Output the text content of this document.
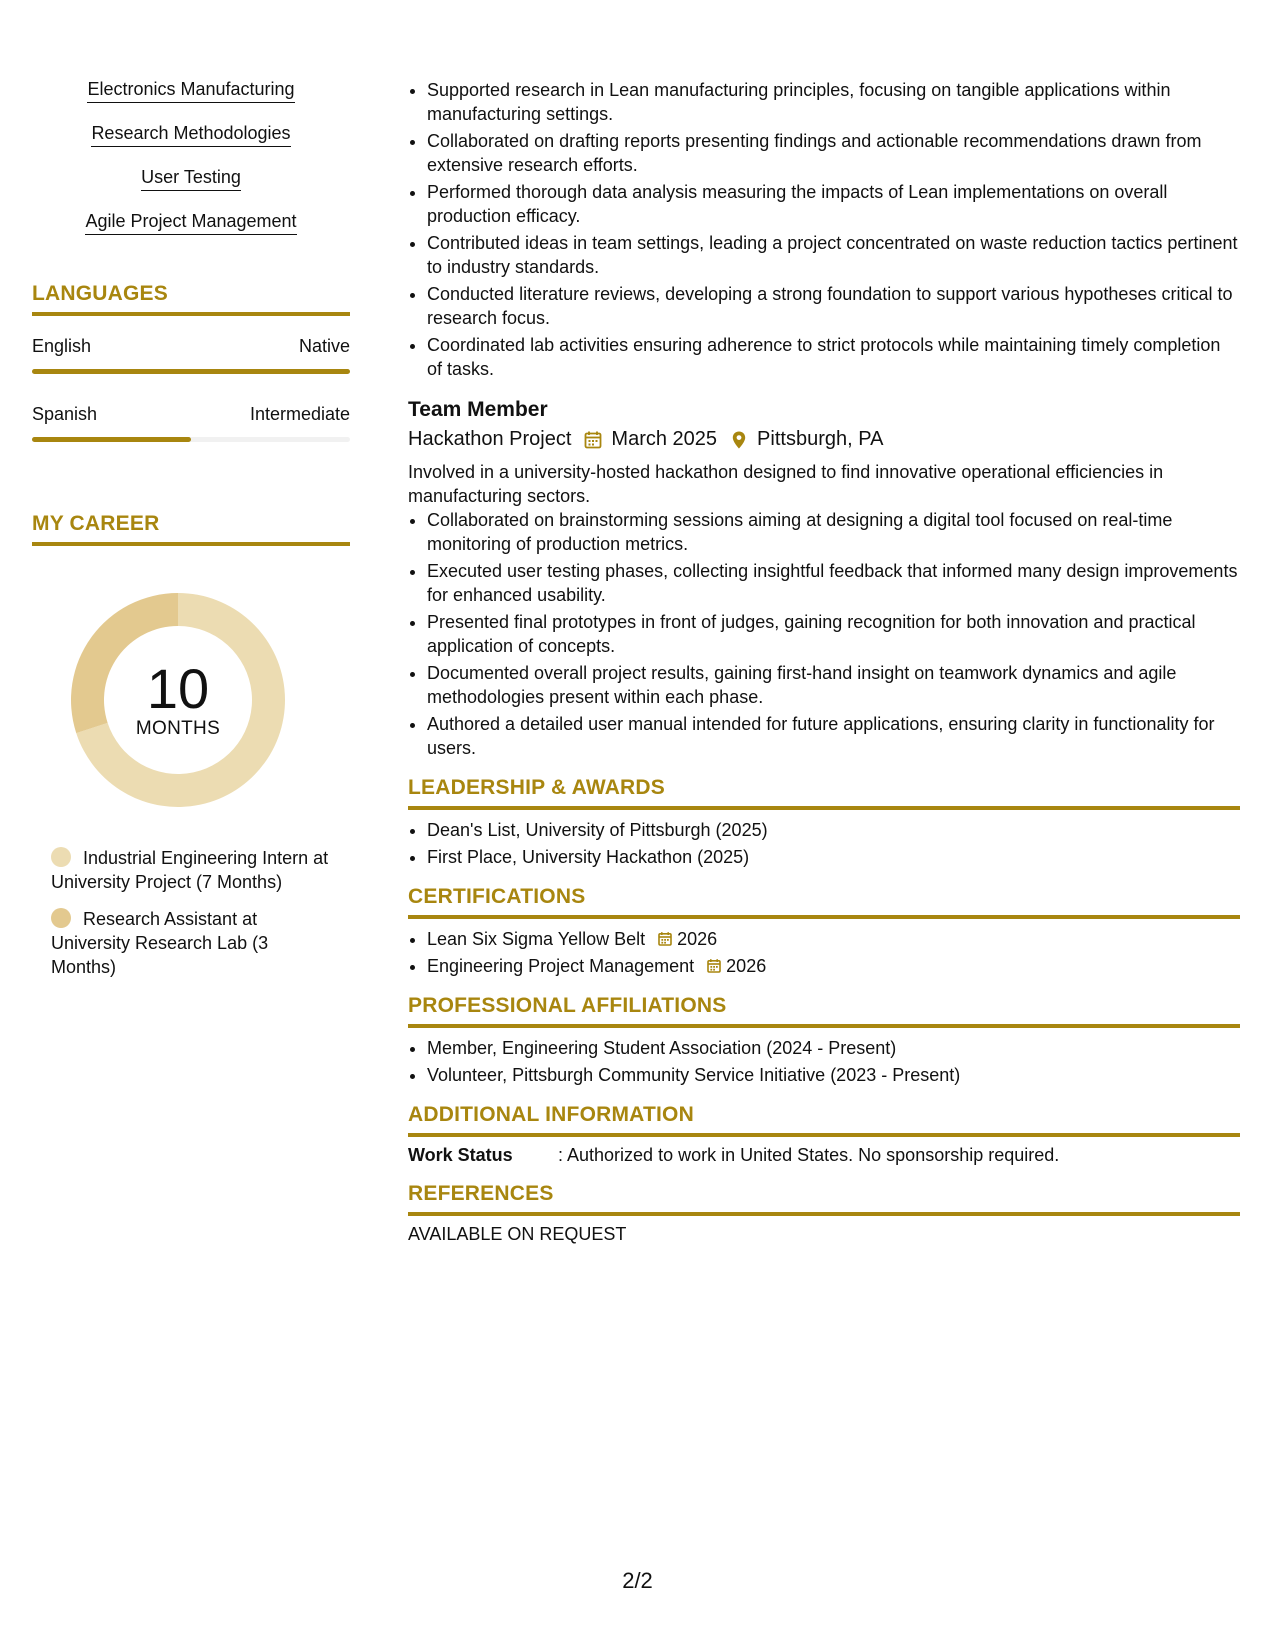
Electronics Manufacturing
Research Methodologies
User Testing
Agile Project Management
LANGUAGES
English	Native
Spanish	Intermediate
MY CAREER
10
MONTHS
Industrial Engineering Intern at University Project (7 Months)
Research Assistant at University Research Lab (3 Months)
• Supported research in Lean manufacturing principles, focusing on tangible applications within manufacturing settings.
• Collaborated on drafting reports presenting findings and actionable recommendations drawn from extensive research efforts.
• Performed thorough data analysis measuring the impacts of Lean implementations on overall production efficacy.
• Contributed ideas in team settings, leading a project concentrated on waste reduction tactics pertinent to industry standards.
• Conducted literature reviews, developing a strong foundation to support various hypotheses critical to research focus.
• Coordinated lab activities ensuring adherence to strict protocols while maintaining timely completion of tasks.
Team Member
Hackathon Project March 2025 Pittsburgh, PA
Involved in a university-hosted hackathon designed to find innovative operational efficiencies in manufacturing sectors.
• Collaborated on brainstorming sessions aiming at designing a digital tool focused on real-time monitoring of production metrics.
• Executed user testing phases, collecting insightful feedback that informed many design improvements for enhanced usability.
• Presented final prototypes in front of judges, gaining recognition for both innovation and practical application of concepts.
• Documented overall project results, gaining first-hand insight on teamwork dynamics and agile methodologies present within each phase.
• Authored a detailed user manual intended for future applications, ensuring clarity in functionality for users.
LEADERSHIP & AWARDS
• Dean's List, University of Pittsburgh (2025)
• First Place, University Hackathon (2025)
CERTIFICATIONS
• Lean Six Sigma Yellow Belt 2026
• Engineering Project Management 2026
PROFESSIONAL AFFILIATIONS
• Member, Engineering Student Association (2024 - Present)
• Volunteer, Pittsburgh Community Service Initiative (2023 - Present)
ADDITIONAL INFORMATION
Work Status	: Authorized to work in United States. No sponsorship required.
REFERENCES
AVAILABLE ON REQUEST
2/2
